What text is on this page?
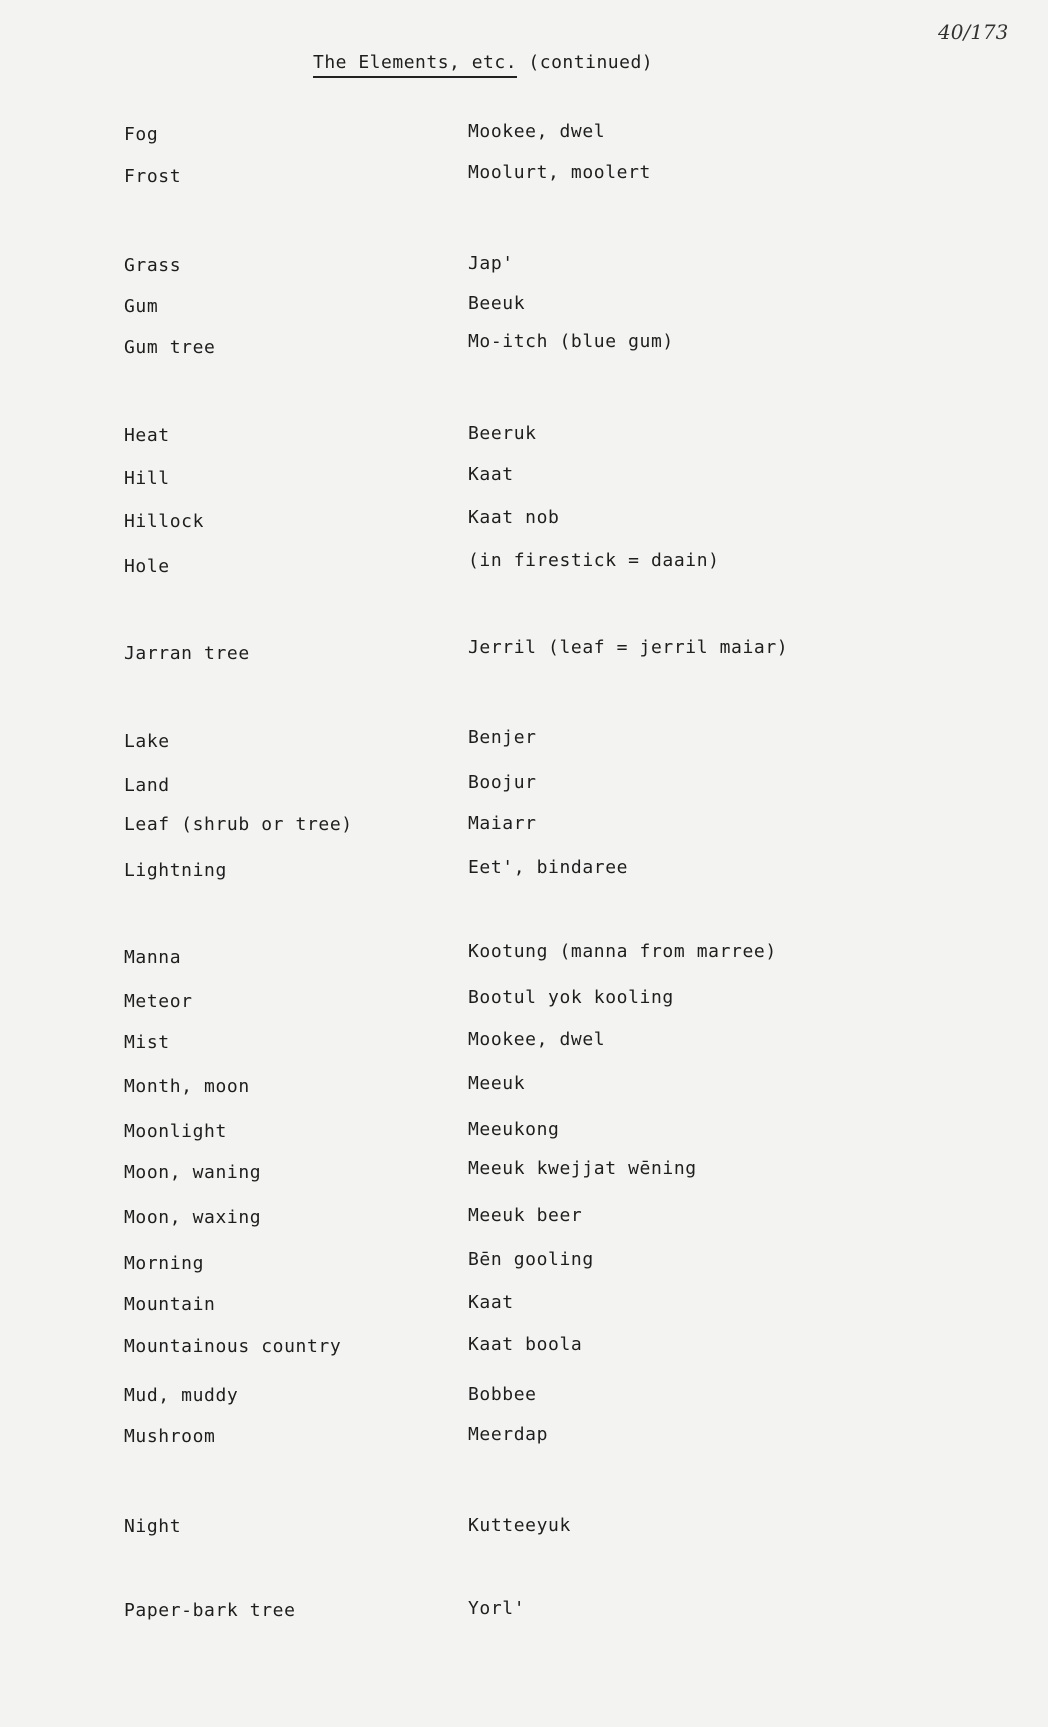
40/173
The Elements, etc. (continued)
Fog	Mookee, dwel
Frost	Moolurt, moolert
Grass	Jap'
Gum	Beeuk
Gum tree	Mo-itch (blue gum)
Heat	Beeruk
Hill	Kaat
Hillock	Kaat nob
Hole	(in firestick = daain)
Jarran tree	Jerril (leaf = jerril maiar)
Lake	Benjer
Land	Boojur
Leaf (shrub or tree)	Maiarr
Lightning	Eet', bindaree
Manna	Kootung (manna from marree)
Meteor	Bootul yok kooling
Mist	Mookee, dwel
Month, moon	Meeuk
Moonlight	Meeukong
Moon, waning	Meeuk kwejjat wēning
Moon, waxing	Meeuk beer
Morning	Bēn gooling
Mountain	Kaat
Mountainous country	Kaat boola
Mud, muddy	Bobbee
Mushroom	Meerdap
Night	Kutteeyuk
Paper-bark tree	Yorl'
